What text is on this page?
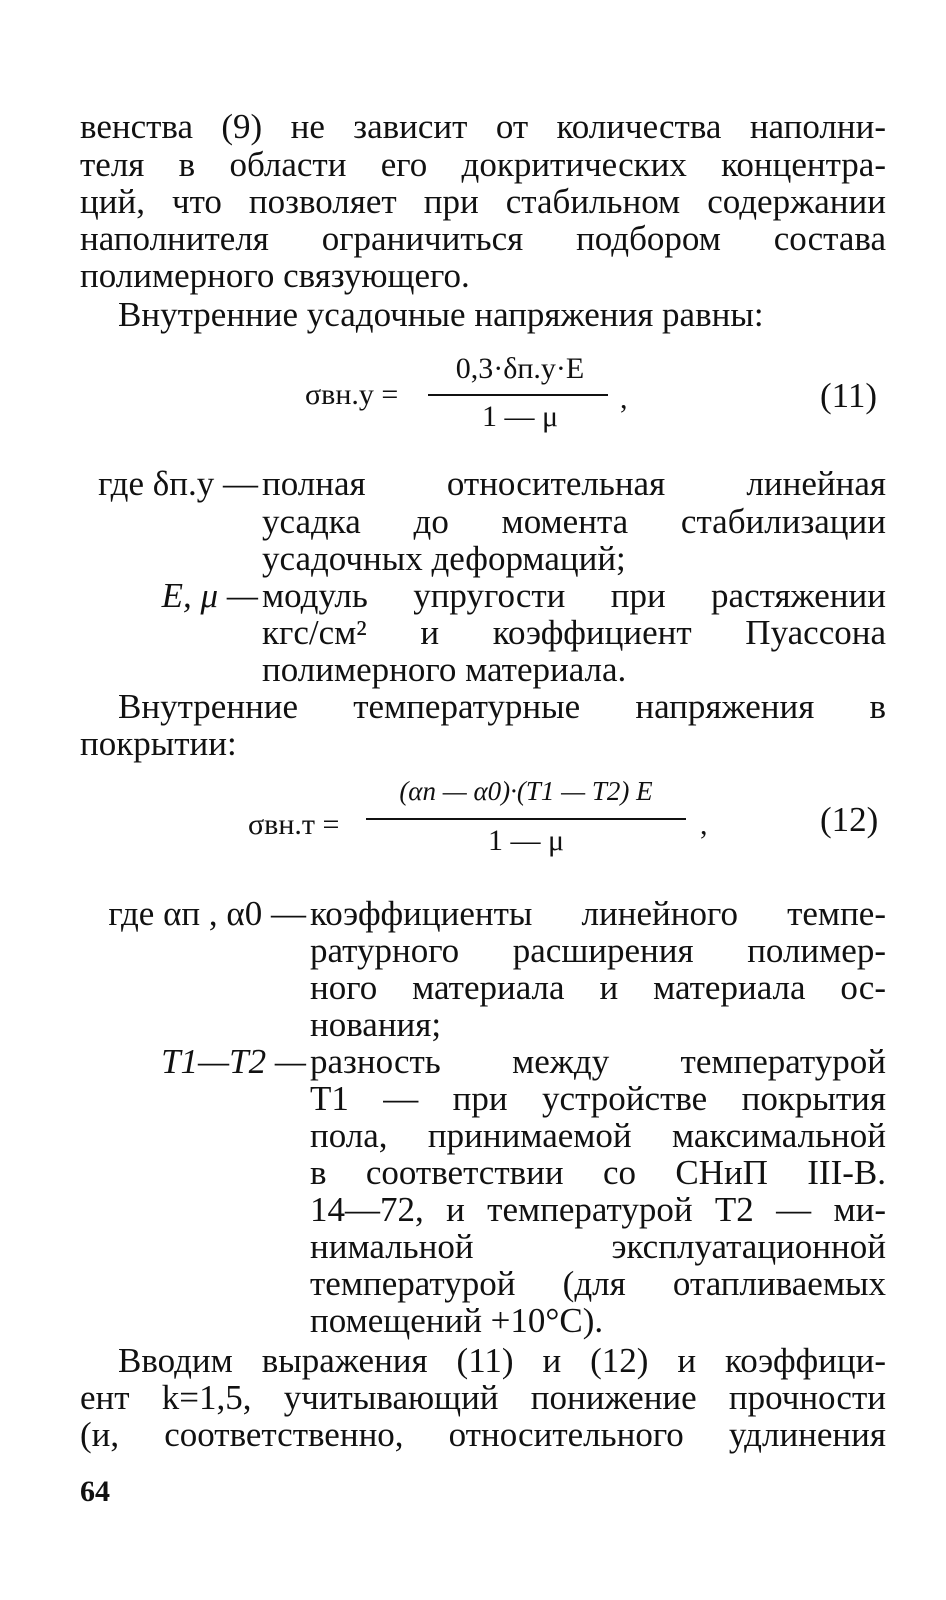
венства (9) не зависит от количества наполни-
теля в области его докритических концентра-
ций, что позволяет при стабильном содержании
наполнителя ограничиться подбором состава
полимерного связующего.
Внутренние усадочные напряжения равны:
σвн.у =
0,3·δп.у·E
1 — μ
,	(11)
где δп.у — полная относительная линейная
усадка до момента стабилизации
усадочных деформаций;
E, μ — модуль упругости при растяжении
кгс/см² и коэффициент Пуассона
полимерного материала.
Внутренние температурные напряжения в
покрытии:
σвн.т =
(αп — α0)·(T1 — T2) E
1 — μ	,	(12)
где αп , α0 — коэффициенты линейного темпе-
ратурного расширения полимер-
ного материала и материала ос-
нования;
T1—T2 — разность между температурой
T1 — при устройстве покрытия
пола, принимаемой максимальной
в соответствии со СНиП III-В.
14—72, и температурой T2 — ми-
нимальной эксплуатационной
температурой (для отапливаемых
помещений +10°С).
Вводим выражения (11) и (12) и коэффици-
ент k=1,5, учитывающий понижение прочности
(и, соответственно, относительного удлинения
64
